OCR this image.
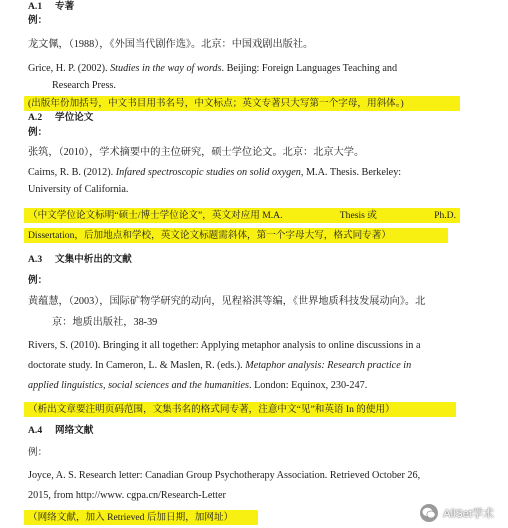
A.1 专著
例：
龙文佩，（1988），《外国当代剧作选》。北京：中国戏剧出版社。
Grice, H. P. (2002). Studies in the way of words. Beijing: Foreign Languages Teaching and
Research Press.
(出版年份加括号，中文书目用书名号，中文标点；英文专著只大写第一个字母，用斜体。)
A.2 学位论文
例：
张筑，（2010），学术摘要中的主位研究，硕士学位论文。北京：北京大学。
Cairns, R. B. (2012). Infared spectroscopic studies on solid oxygen, M.A. Thesis. Berkeley:
University of California.
（中文学位论文标明“硕士/博士学位论文”，英文对应用 M.A.	Thesis 或	Ph.D.
Dissertation，后加地点和学校，英文论文标题需斜体，第一个字母大写，格式同专著）
A.3 文集中析出的文献
例：
黄蕴慧，（2003），国际矿物学研究的动向，见程裕淇等编，《世界地质科技发展动向》。北
京：地质出版社，38-39
Rivers, S. (2010). Bringing it all together: Applying metaphor analysis to online discussions in a
doctorate study. In Cameron, L. & Maslen, R. (eds.). Metaphor analysis: Research practice in
applied linguistics, social sciences and the humanities. London: Equinox, 230-247.
（析出文章要注明页码范围，文集书名的格式同专著，注意中文“见”和英语 In 的使用）
A.4 网络文献
例：
Joyce, A. S. Research letter: Canadian Group Psychotherapy Association. Retrieved October 26,
2015, from http://www. cgpa.cn/Research-Letter
（网络文献，加入 Retrieved 后加日期，加网址）	AllSet学术
